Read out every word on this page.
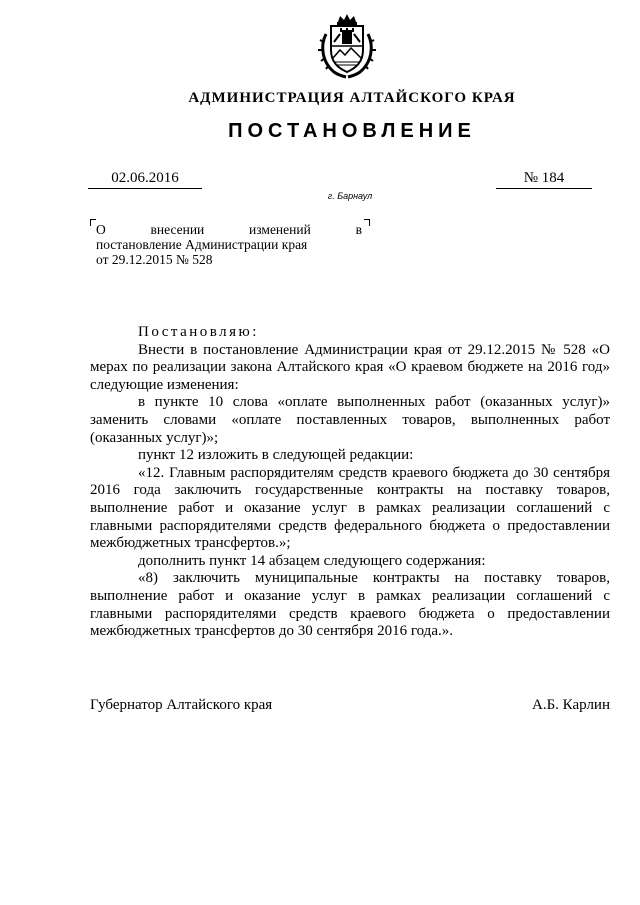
АДМИНИСТРАЦИЯ АЛТАЙСКОГО КРАЯ
ПОСТАНОВЛЕНИЕ
02.06.2016	№ 184
г. Барнаул
О	внесении	изменений	в
постановление Администрации края
от 29.12.2015 № 528

Постановляю:

Внести в постановление Администрации края от 29.12.2015 № 528 «О мерах по реализации закона Алтайского края «О краевом бюджете на 2016 год» следующие изменения:

в пункте 10 слова «оплате выполненных работ (оказанных услуг)» заменить словами «оплате поставленных товаров, выполненных работ (оказанных услуг)»;

пункт 12 изложить в следующей редакции:

«12. Главным распорядителям средств краевого бюджета до 30 сентября 2016 года заключить государственные контракты на поставку товаров, выполнение работ и оказание услуг в рамках реализации соглашений с главными распорядителями средств федерального бюджета о предоставлении межбюджетных трансфертов.»;

дополнить пункт 14 абзацем следующего содержания:

«8) заключить муниципальные контракты на поставку товаров, выполнение работ и оказание услуг в рамках реализации соглашений с главными распорядителями средств краевого бюджета о предоставлении межбюджетных трансфертов до 30 сентября 2016 года.».

Губернатор Алтайского края	А.Б. Карлин
